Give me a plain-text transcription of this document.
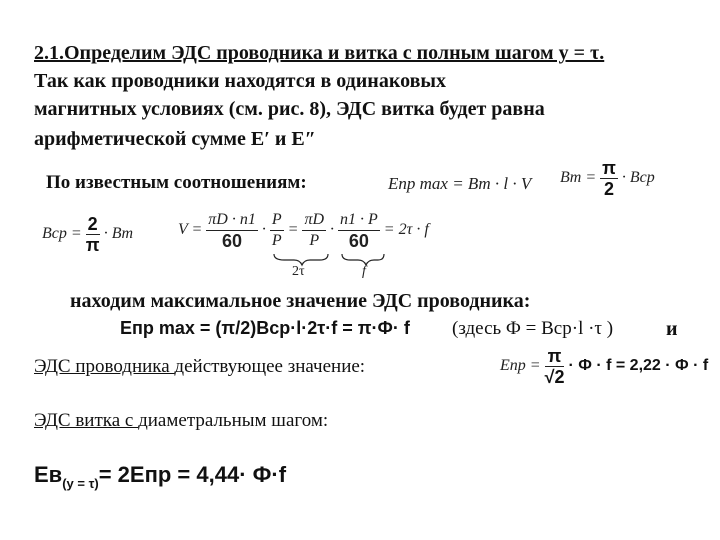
2.1.Определим ЭДС проводника и витка с полным шагом у = τ.
Так как проводники находятся в одинаковых
магнитных условиях (см. рис. 8), ЭДС витка будет равна
арифметической сумме E′ и E″
По известным соотношениям:	Eпр max = Bm · l · V $Bm = \frac{\pi}{2}$ · Bср
Bср = $\frac{2}{\pi} \cdot Bm$	$V = \frac{\pi D \cdot n1}{60} \cdot \frac{P}{P} = \frac{\pi D}{P} \cdot \frac{n1 \cdot P}{60} = 2\tau \cdot f$
2τ	f
находим максимальное значение ЭДС проводника:
Eпр max = (π/2)Bср·l·2τ·f = π·Ф· f (здесь Ф = Bср·l ·τ )	и
ЭДС проводника действующее значение:	Eпр = $\frac{\pi}{√2} \cdot Ф \cdot f = 2,22 \cdot Ф \cdot f$
ЭДС витка с диаметральным шагом:
$Eв_{(y = \tau)}= 2Eпр = 4,44\cdot Ф\cdot f$
